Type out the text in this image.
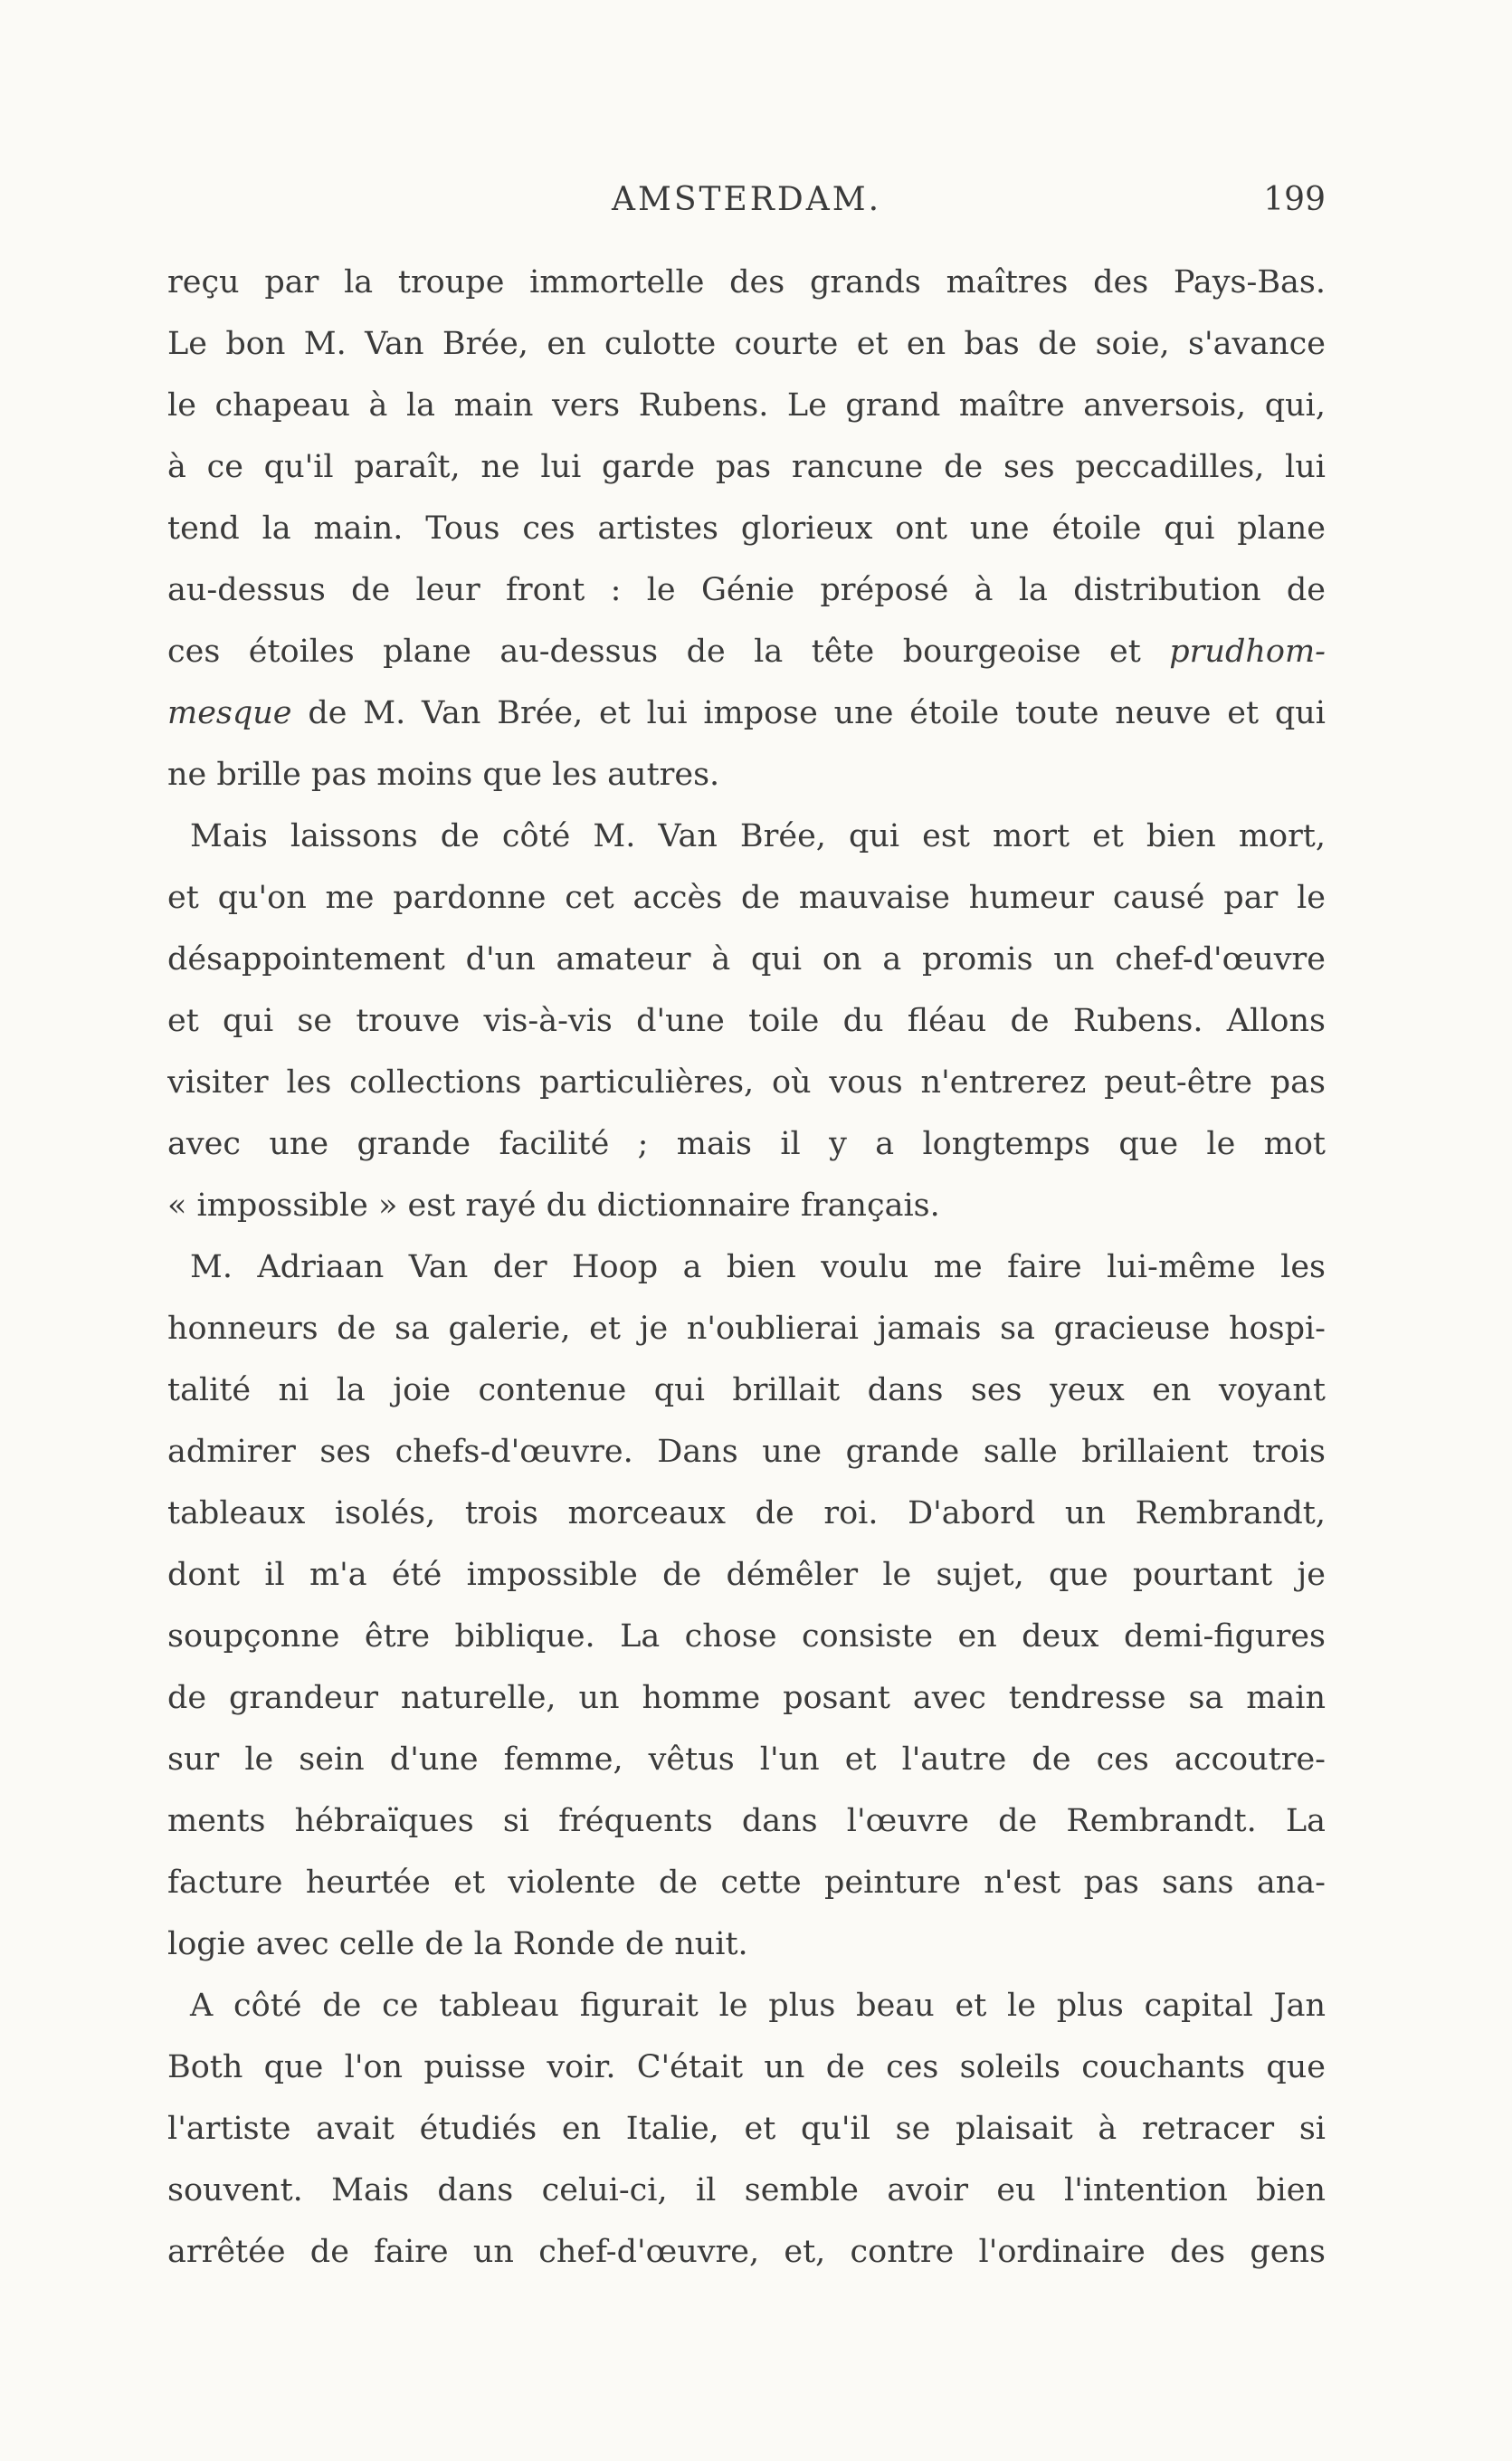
AMSTERDAM.	199
reçu par la troupe immortelle des grands maîtres des Pays-Bas.
Le bon M. Van Brée, en culotte courte et en bas de soie, s'avance
le chapeau à la main vers Rubens. Le grand maître anversois, qui,
à ce qu'il paraît, ne lui garde pas rancune de ses peccadilles, lui
tend la main. Tous ces artistes glorieux ont une étoile qui plane
au-dessus de leur front : le Génie préposé à la distribution de
ces étoiles plane au-dessus de la tête bourgeoise et prudhom-
mesque de M. Van Brée, et lui impose une étoile toute neuve et qui
ne brille pas moins que les autres.
Mais laissons de côté M. Van Brée, qui est mort et bien mort,
et qu'on me pardonne cet accès de mauvaise humeur causé par le
désappointement d'un amateur à qui on a promis un chef-d'œuvre
et qui se trouve vis-à-vis d'une toile du fléau de Rubens. Allons
visiter les collections particulières, où vous n'entrerez peut-être pas
avec une grande facilité ; mais il y a longtemps que le mot
« impossible » est rayé du dictionnaire français.
M. Adriaan Van der Hoop a bien voulu me faire lui-même les
honneurs de sa galerie, et je n'oublierai jamais sa gracieuse hospi-
talité ni la joie contenue qui brillait dans ses yeux en voyant
admirer ses chefs-d'œuvre. Dans une grande salle brillaient trois
tableaux isolés, trois morceaux de roi. D'abord un Rembrandt,
dont il m'a été impossible de démêler le sujet, que pourtant je
soupçonne être biblique. La chose consiste en deux demi-figures
de grandeur naturelle, un homme posant avec tendresse sa main
sur le sein d'une femme, vêtus l'un et l'autre de ces accoutre-
ments hébraïques si fréquents dans l'œuvre de Rembrandt. La
facture heurtée et violente de cette peinture n'est pas sans ana-
logie avec celle de la Ronde de nuit.
A côté de ce tableau figurait le plus beau et le plus capital Jan
Both que l'on puisse voir. C'était un de ces soleils couchants que
l'artiste avait étudiés en Italie, et qu'il se plaisait à retracer si
souvent. Mais dans celui-ci, il semble avoir eu l'intention bien
arrêtée de faire un chef-d'œuvre, et, contre l'ordinaire des gens
